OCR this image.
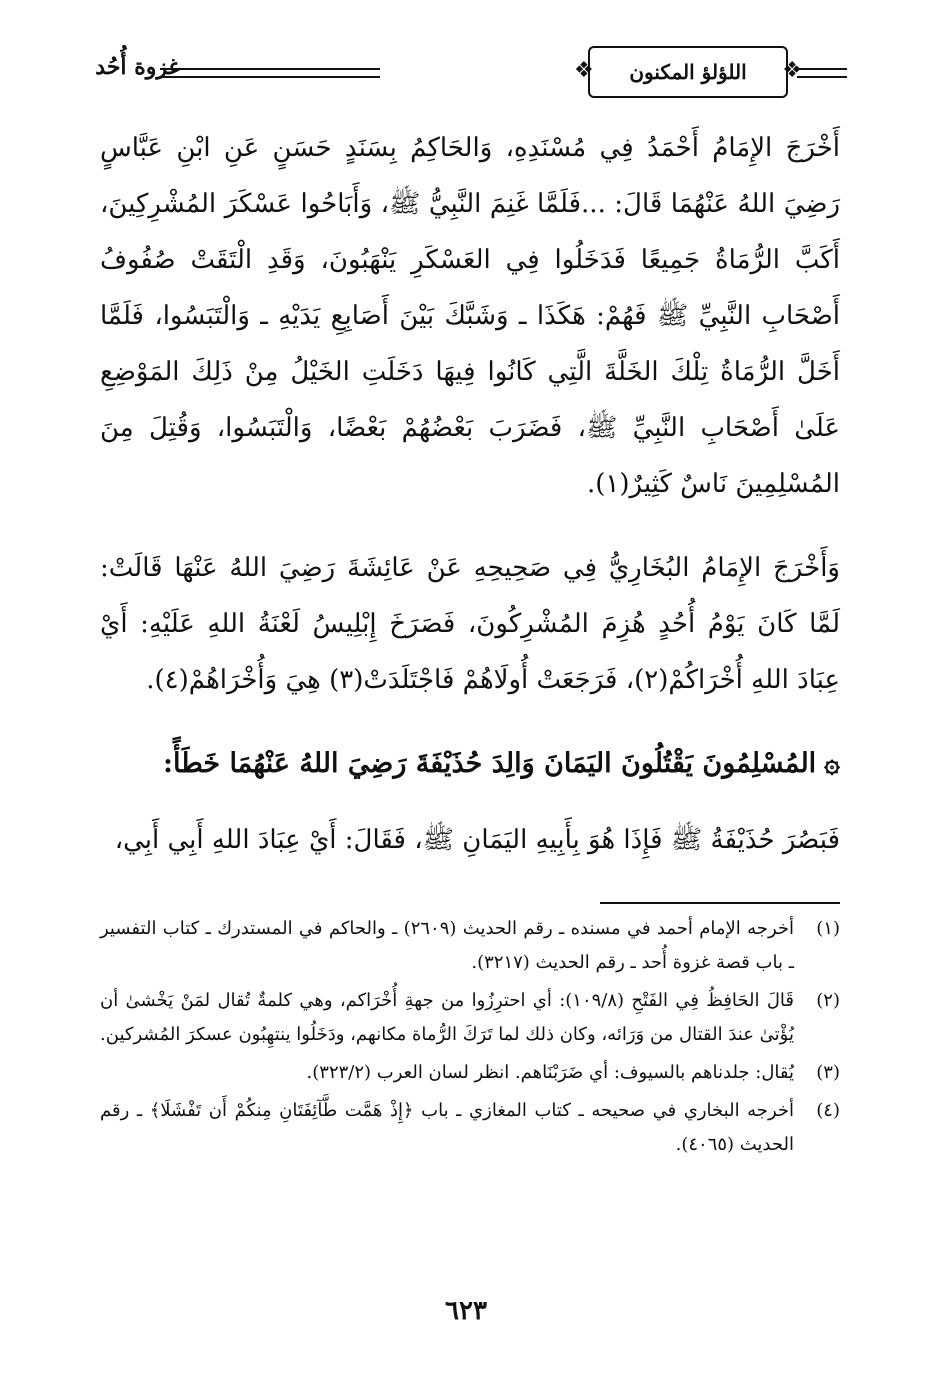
غزوة أُحُد
❖	اللؤلؤ المكنون
❖

أَخْرَجَ الإِمَامُ أَحْمَدُ فِي مُسْنَدِهِ، وَالحَاكِمُ بِسَنَدٍ حَسَنٍ عَنِ ابْنِ عَبَّاسٍ رَضِيَ اللهُ عَنْهُمَا قَالَ: ...فَلَمَّا غَنِمَ النَّبِيُّ ﷺ، وَأَبَاحُوا عَسْكَرَ المُشْرِكِينَ، أَكَبَّ الرُّمَاةُ جَمِيعًا فَدَخَلُوا فِي العَسْكَرِ يَنْهَبُونَ، وَقَدِ الْتَقَتْ صُفُوفُ أَصْحَابِ النَّبِيِّ ﷺ فَهُمْ: هَكَذَا ـ وَشَبَّكَ بَيْنَ أَصَابِعِ يَدَيْهِ ـ وَالْتَبَسُوا، فَلَمَّا أَخَلَّ الرُّمَاةُ تِلْكَ الخَلَّةَ الَّتِي كَانُوا فِيهَا دَخَلَتِ الخَيْلُ مِنْ ذَلِكَ المَوْضِعِ عَلَىٰ أَصْحَابِ النَّبِيِّ ﷺ، فَضَرَبَ بَعْضُهُمْ بَعْضًا، وَالْتَبَسُوا، وَقُتِلَ مِنَ المُسْلِمِينَ نَاسٌ كَثِيرٌ(١).

وَأَخْرَجَ الإِمَامُ البُخَارِيُّ فِي صَحِيحِهِ عَنْ عَائِشَةَ رَضِيَ اللهُ عَنْهَا قَالَتْ: لَمَّا كَانَ يَوْمُ أُحُدٍ هُزِمَ المُشْرِكُونَ، فَصَرَخَ إِبْلِيسُ لَعْنَةُ اللهِ عَلَيْهِ: أَيْ عِبَادَ اللهِ أُخْرَاكُمْ(٢)، فَرَجَعَتْ أُولَاهُمْ فَاجْتَلَدَتْ(٣) هِيَ وَأُخْرَاهُمْ(٤).

۞المُسْلِمُونَ يَقْتُلُونَ اليَمَانَ وَالِدَ حُذَيْفَةَ رَضِيَ اللهُ عَنْهُمَا خَطَأً:

فَبَصُرَ حُذَيْفَةُ ﷺ فَإِذَا هُوَ بِأَبِيهِ اليَمَانِ ﷺ، فَقَالَ: أَيْ عِبَادَ اللهِ أَبِي أَبِي،

(١)
أخرجه الإمام أحمد في مسنده ـ رقم الحديث (٢٦٠٩) ـ والحاكم في المستدرك ـ كتاب التفسير ـ باب قصة غزوة أُحد ـ رقم الحديث (٣٢١٧).
(٢)
قَالَ الحَافِظُ فِي الفَتْحِ (١٠٩/٨): أي احترِزُوا من جهةِ أُخْرَاكم، وهي كلمةٌ تُقال لمَنْ يَخْشىٰ أن يُؤْتىٰ عندَ القتال من وَرَائه، وكان ذلك لما تَرَكَ الرُّماة مكانهم، ودَخَلُوا ينتهِبُون عسكرَ المُشركين.
(٣)
يُقال: جلدناهم بالسيوف: أي ضَرَبْنَاهم. انظر لسان العرب (٣٢٣/٢).
(٤)
أخرجه البخاري في صحيحه ـ كتاب المغازي ـ باب ﴿إِذْ هَمَّت طَّآئِفَتَانِ مِنكُمْ أَن تَفْشَلَا﴾ ـ رقم الحديث (٤٠٦٥).
٦٢٣
